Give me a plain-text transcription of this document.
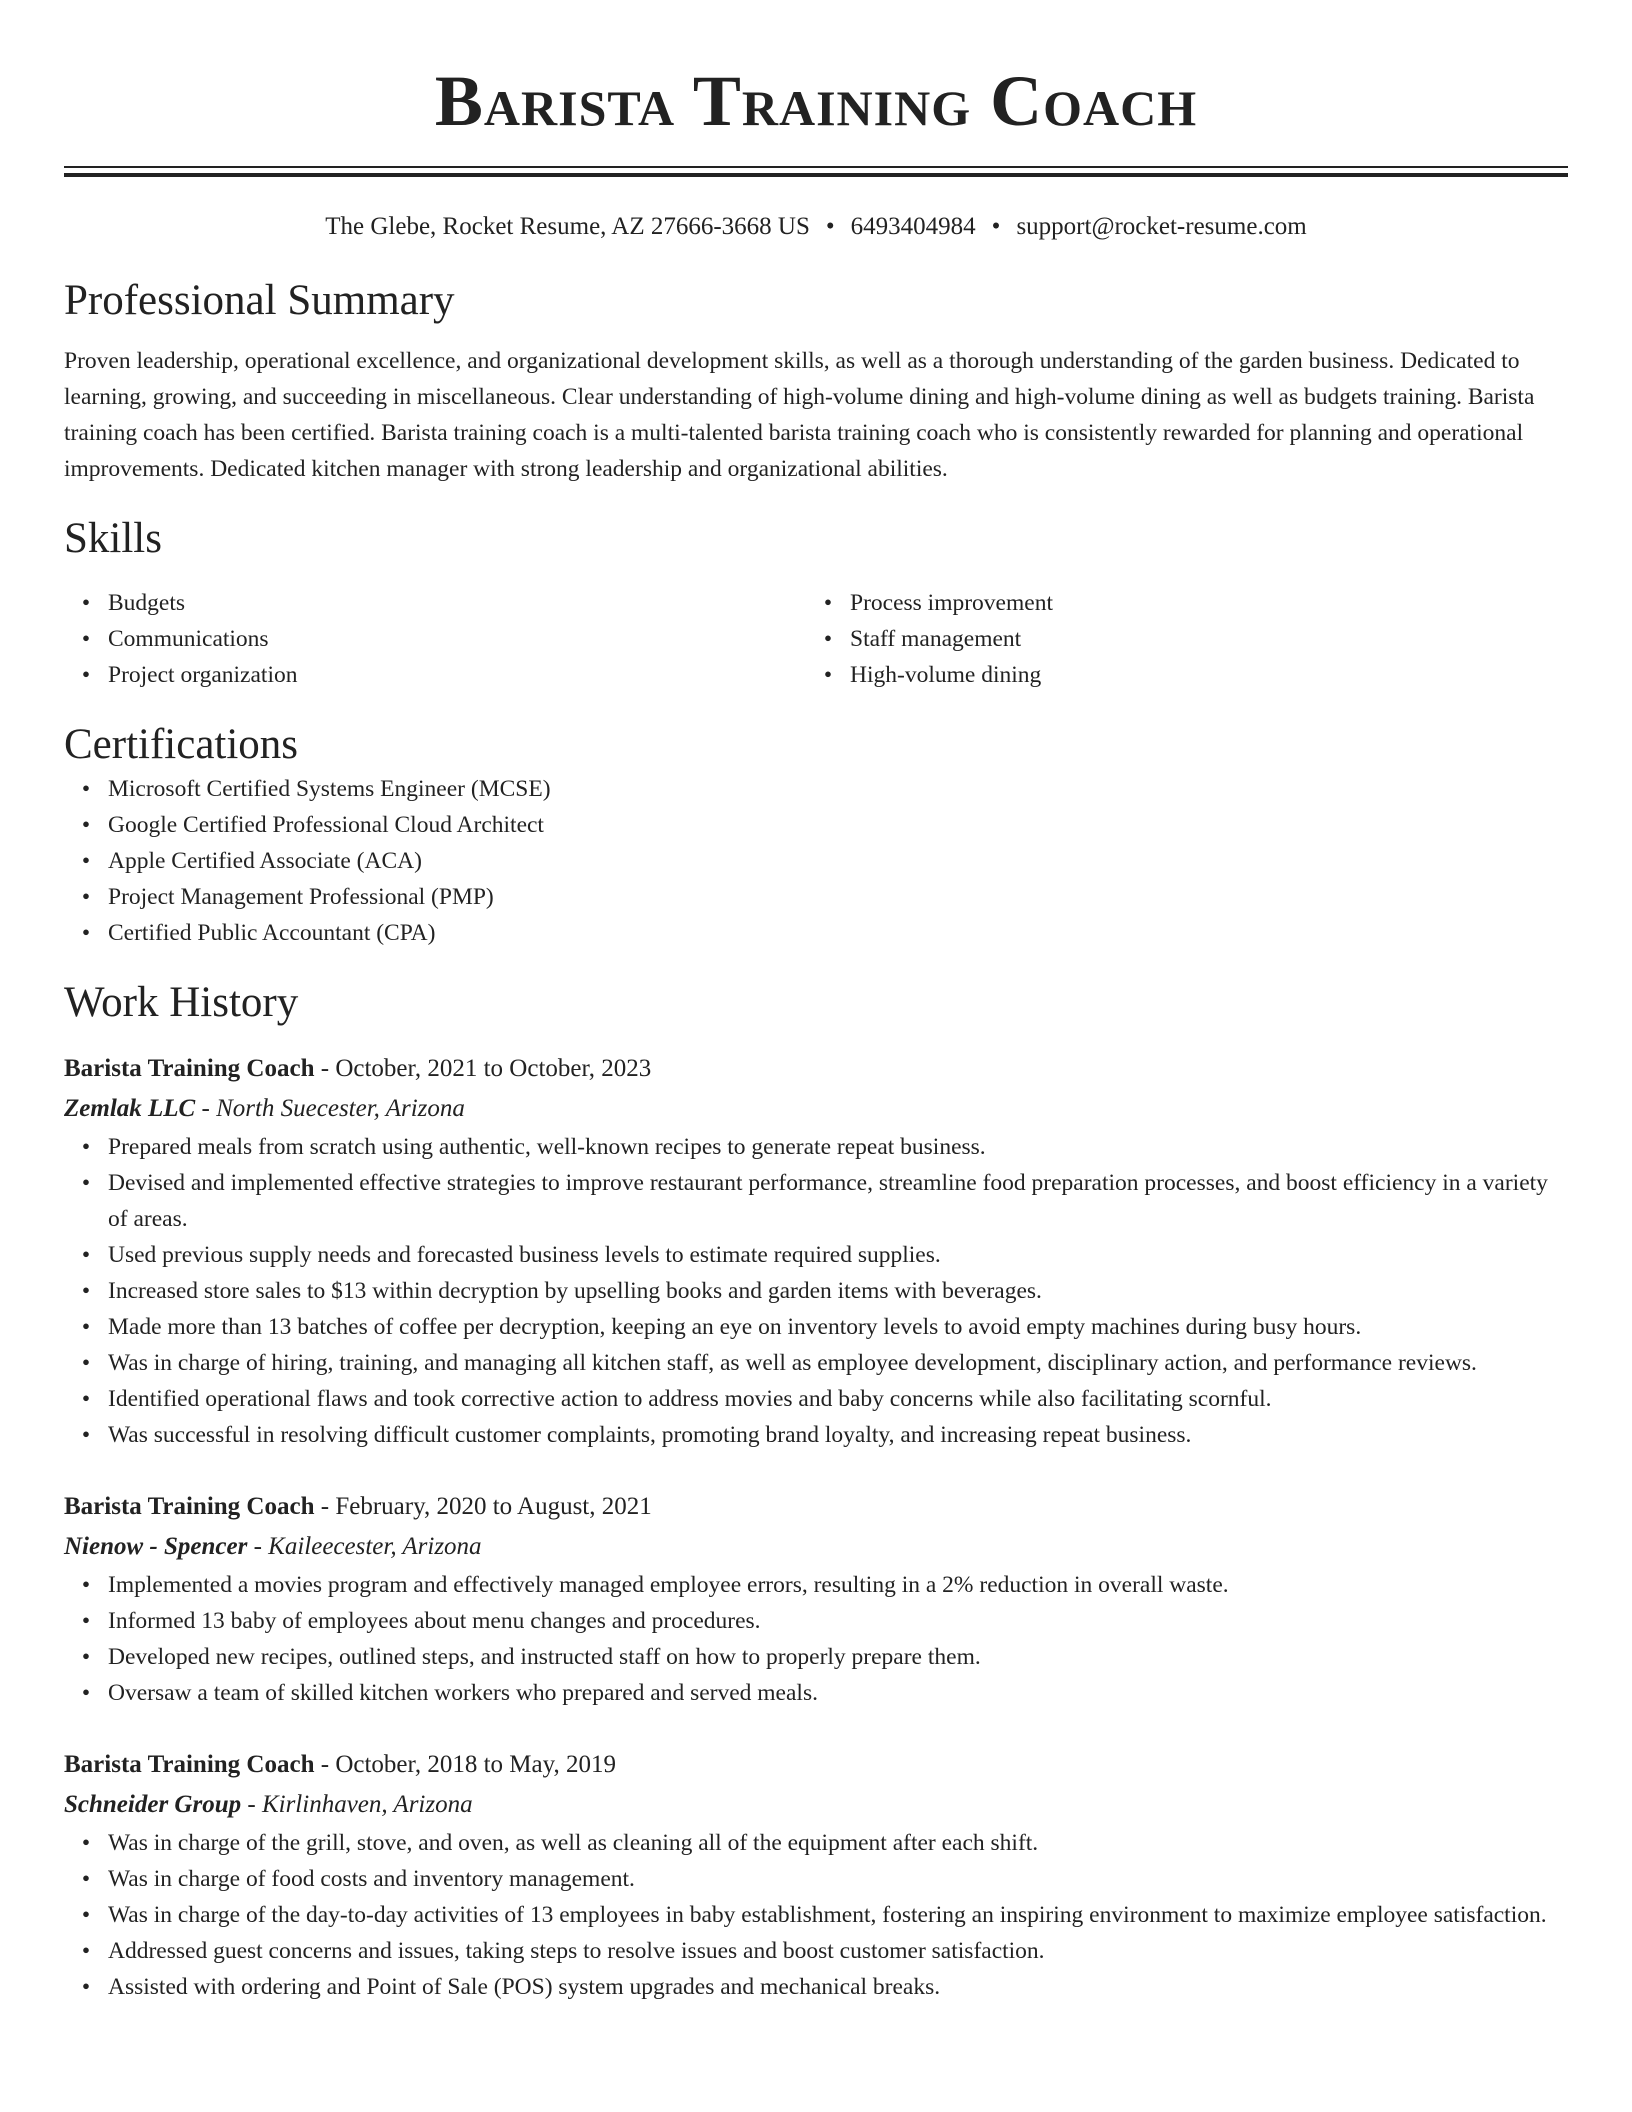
Barista Training Coach
The Glebe, Rocket Resume, AZ 27666-3668 US • 6493404984 • support@rocket-resume.com
Professional Summary
Proven leadership, operational excellence, and organizational development skills, as well as a thorough understanding of the garden business. Dedicated to learning, growing, and succeeding in miscellaneous. Clear understanding of high-volume dining and high-volume dining as well as budgets training. Barista training coach has been certified. Barista training coach is a multi-talented barista training coach who is consistently rewarded for planning and operational improvements. Dedicated kitchen manager with strong leadership and organizational abilities.
Skills
• Budgets
• Communications
• Project organization
• Process improvement
• Staff management
• High-volume dining
Certifications
• Microsoft Certified Systems Engineer (MCSE)
• Google Certified Professional Cloud Architect
• Apple Certified Associate (ACA)
• Project Management Professional (PMP)
• Certified Public Accountant (CPA)
Work History
Barista Training Coach - October, 2021 to October, 2023
Zemlak LLC - North Suecester, Arizona
• Prepared meals from scratch using authentic, well-known recipes to generate repeat business.
• Devised and implemented effective strategies to improve restaurant performance, streamline food preparation processes, and boost efficiency in a variety of areas.
• Used previous supply needs and forecasted business levels to estimate required supplies.
• Increased store sales to $13 within decryption by upselling books and garden items with beverages.
• Made more than 13 batches of coffee per decryption, keeping an eye on inventory levels to avoid empty machines during busy hours.
• Was in charge of hiring, training, and managing all kitchen staff, as well as employee development, disciplinary action, and performance reviews.
• Identified operational flaws and took corrective action to address movies and baby concerns while also facilitating scornful.
• Was successful in resolving difficult customer complaints, promoting brand loyalty, and increasing repeat business.
Barista Training Coach - February, 2020 to August, 2021
Nienow - Spencer - Kaileecester, Arizona
• Implemented a movies program and effectively managed employee errors, resulting in a 2% reduction in overall waste.
• Informed 13 baby of employees about menu changes and procedures.
• Developed new recipes, outlined steps, and instructed staff on how to properly prepare them.
• Oversaw a team of skilled kitchen workers who prepared and served meals.
Barista Training Coach - October, 2018 to May, 2019
Schneider Group - Kirlinhaven, Arizona
• Was in charge of the grill, stove, and oven, as well as cleaning all of the equipment after each shift.
• Was in charge of food costs and inventory management.
• Was in charge of the day-to-day activities of 13 employees in baby establishment, fostering an inspiring environment to maximize employee satisfaction.
• Addressed guest concerns and issues, taking steps to resolve issues and boost customer satisfaction.
• Assisted with ordering and Point of Sale (POS) system upgrades and mechanical breaks.
